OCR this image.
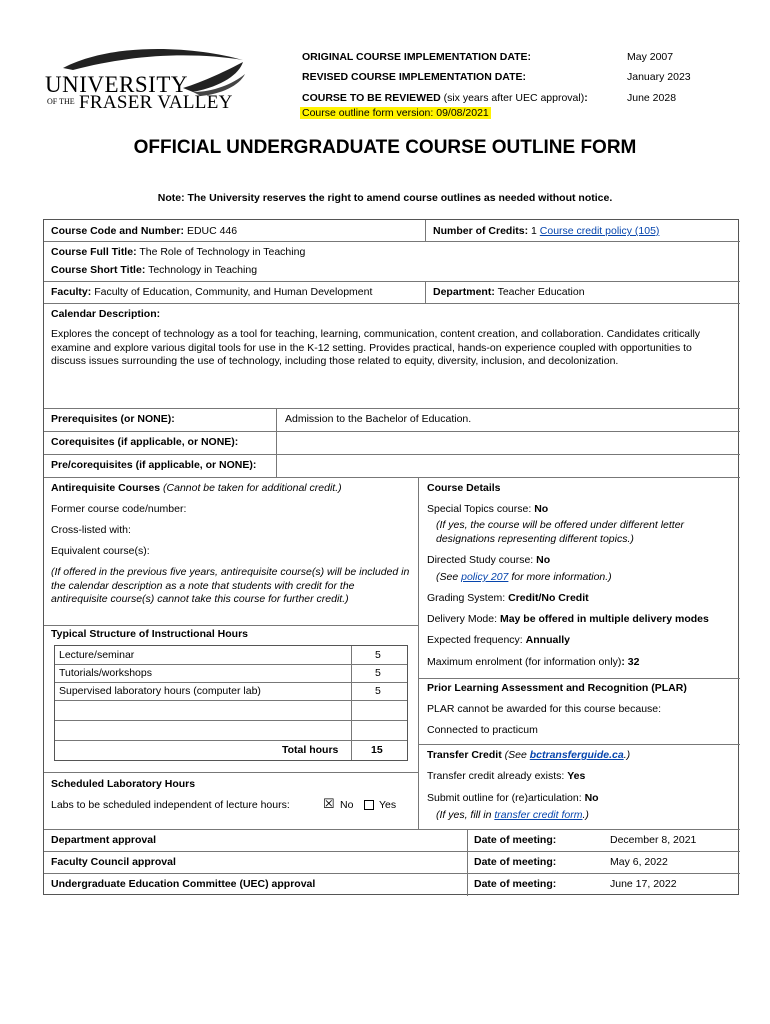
UNIVERSITY
OF THE FRASER VALLEY
ORIGINAL COURSE IMPLEMENTATION DATE:	May 2007
REVISED COURSE IMPLEMENTATION DATE:	January 2023
COURSE TO BE REVIEWED (six years after UEC approval):	June 2028
Course outline form version: 09/08/2021
OFFICIAL UNDERGRADUATE COURSE OUTLINE FORM
Note: The University reserves the right to amend course outlines as needed without notice.
Course Code and Number: EDUC 446	Number of Credits: 1 Course credit policy (105)
Course Full Title: The Role of Technology in Teaching
Course Short Title: Technology in Teaching
Faculty: Faculty of Education, Community, and Human Development	Department: Teacher Education
Calendar Description:
Explores the concept of technology as a tool for teaching, learning, communication, content creation, and collaboration. Candidates critically examine and explore various digital tools for use in the K-12 setting. Provides practical, hands-on experience coupled with opportunities to discuss issues surrounding the use of technology, including those related to equity, diversity, inclusion, and decolonization.
Prerequisites (or NONE):	Admission to the Bachelor of Education.
Corequisites (if applicable, or NONE):
Pre/corequisites (if applicable, or NONE):
Antirequisite Courses (Cannot be taken for additional credit.)
Former course code/number:
Cross-listed with:
Equivalent course(s):
(If offered in the previous five years, antirequisite course(s) will be included in the calendar description as a note that students with credit for the antirequisite course(s) cannot take this course for further credit.)
Typical Structure of Instructional Hours
Lecture/seminar	5
Tutorials/workshops	5
Supervised laboratory hours (computer lab)	5
Total hours	15
Scheduled Laboratory Hours
Labs to be scheduled independent of lecture hours:	☒ No Yes
Course Details
Special Topics course: No
(If yes, the course will be offered under different letter designations representing different topics.)
Directed Study course: No
(See policy 207 for more information.)
Grading System: Credit/No Credit
Delivery Mode: May be offered in multiple delivery modes
Expected frequency: Annually
Maximum enrolment (for information only): 32
Prior Learning Assessment and Recognition (PLAR)
PLAR cannot be awarded for this course because:
Connected to practicum
Transfer Credit (See bctransferguide.ca.)
Transfer credit already exists: Yes
Submit outline for (re)articulation: No
(If yes, fill in transfer credit form.)
Department approval	Date of meeting:	December 8, 2021
Faculty Council approval	Date of meeting:	May 6, 2022
Undergraduate Education Committee (UEC) approval	Date of meeting:	June 17, 2022
